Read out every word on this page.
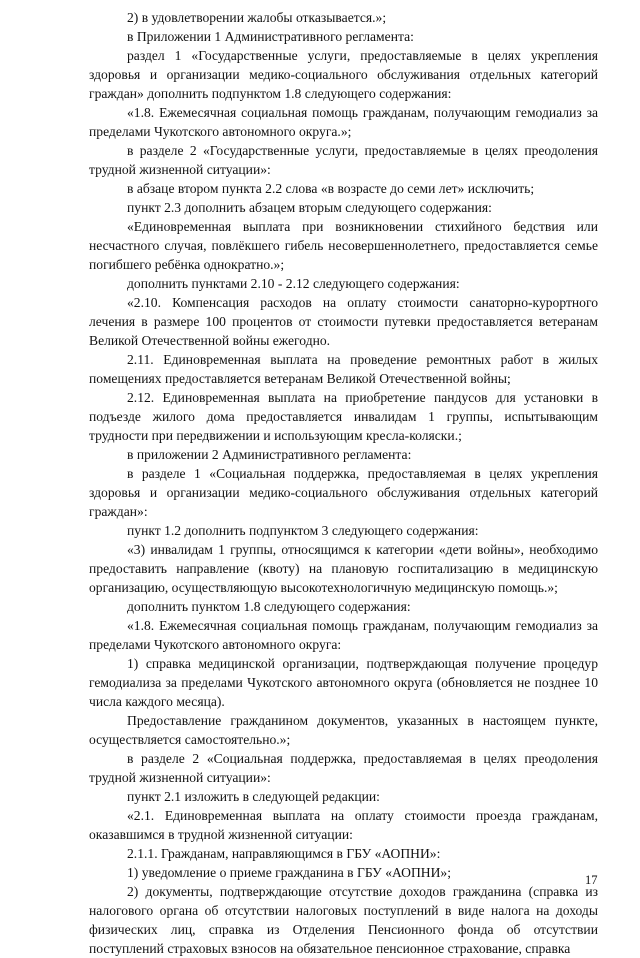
2) в удовлетворении жалобы отказывается.»;

в Приложении 1 Административного регламента:

раздел 1 «Государственные услуги, предоставляемые в целях укрепления здоровья и организации медико-социального обслуживания отдельных категорий граждан» дополнить подпунктом 1.8 следующего содержания:

«1.8. Ежемесячная социальная помощь гражданам, получающим гемодиализ за пределами Чукотского автономного округа.»;

в разделе 2 «Государственные услуги, предоставляемые в целях преодоления трудной жизненной ситуации»:

в абзаце втором пункта 2.2 слова «в возрасте до семи лет» исключить;

пункт 2.3 дополнить абзацем вторым следующего содержания:

«Единовременная выплата при возникновении стихийного бедствия или несчастного случая, повлёкшего гибель несовершеннолетнего, предоставляется семье погибшего ребёнка однократно.»;

дополнить пунктами 2.10 - 2.12 следующего содержания:

«2.10. Компенсация расходов на оплату стоимости санаторно-курортного лечения в размере 100 процентов от стоимости путевки предоставляется ветеранам Великой Отечественной войны ежегодно.

2.11. Единовременная выплата на проведение ремонтных работ в жилых помещениях предоставляется ветеранам Великой Отечественной войны;

2.12. Единовременная выплата на приобретение пандусов для установки в подъезде жилого дома предоставляется инвалидам 1 группы, испытывающим трудности при передвижении и использующим кресла-коляски.;

в приложении 2 Административного регламента:

в разделе 1 «Социальная поддержка, предоставляемая в целях укрепления здоровья и организации медико-социального обслуживания отдельных категорий граждан»:

пункт 1.2 дополнить подпунктом 3 следующего содержания:

«3) инвалидам 1 группы, относящимся к категории «дети войны», необходимо предоставить направление (квоту) на плановую госпитализацию в медицинскую организацию, осуществляющую высокотехнологичную медицинскую помощь.»;

дополнить пунктом 1.8 следующего содержания:

«1.8. Ежемесячная социальная помощь гражданам, получающим гемодиализ за пределами Чукотского автономного округа:

1) справка медицинской организации, подтверждающая получение процедур гемодиализа за пределами Чукотского автономного округа (обновляется не позднее 10 числа каждого месяца).

Предоставление гражданином документов, указанных в настоящем пункте, осуществляется самостоятельно.»;

в разделе 2 «Социальная поддержка, предоставляемая в целях преодоления трудной жизненной ситуации»:

пункт 2.1 изложить в следующей редакции:

«2.1. Единовременная выплата на оплату стоимости проезда гражданам, оказавшимся в трудной жизненной ситуации:

2.1.1. Гражданам, направляющимся в ГБУ «АОПНИ»:

1) уведомление о приеме гражданина в ГБУ «АОПНИ»;

2) документы, подтверждающие отсутствие доходов гражданина (справка из налогового органа об отсутствии налоговых поступлений в виде налога на доходы физических лиц, справка из Отделения Пенсионного фонда об отсутствии поступлений страховых взносов на обязательное пенсионное страхование, справка

17
